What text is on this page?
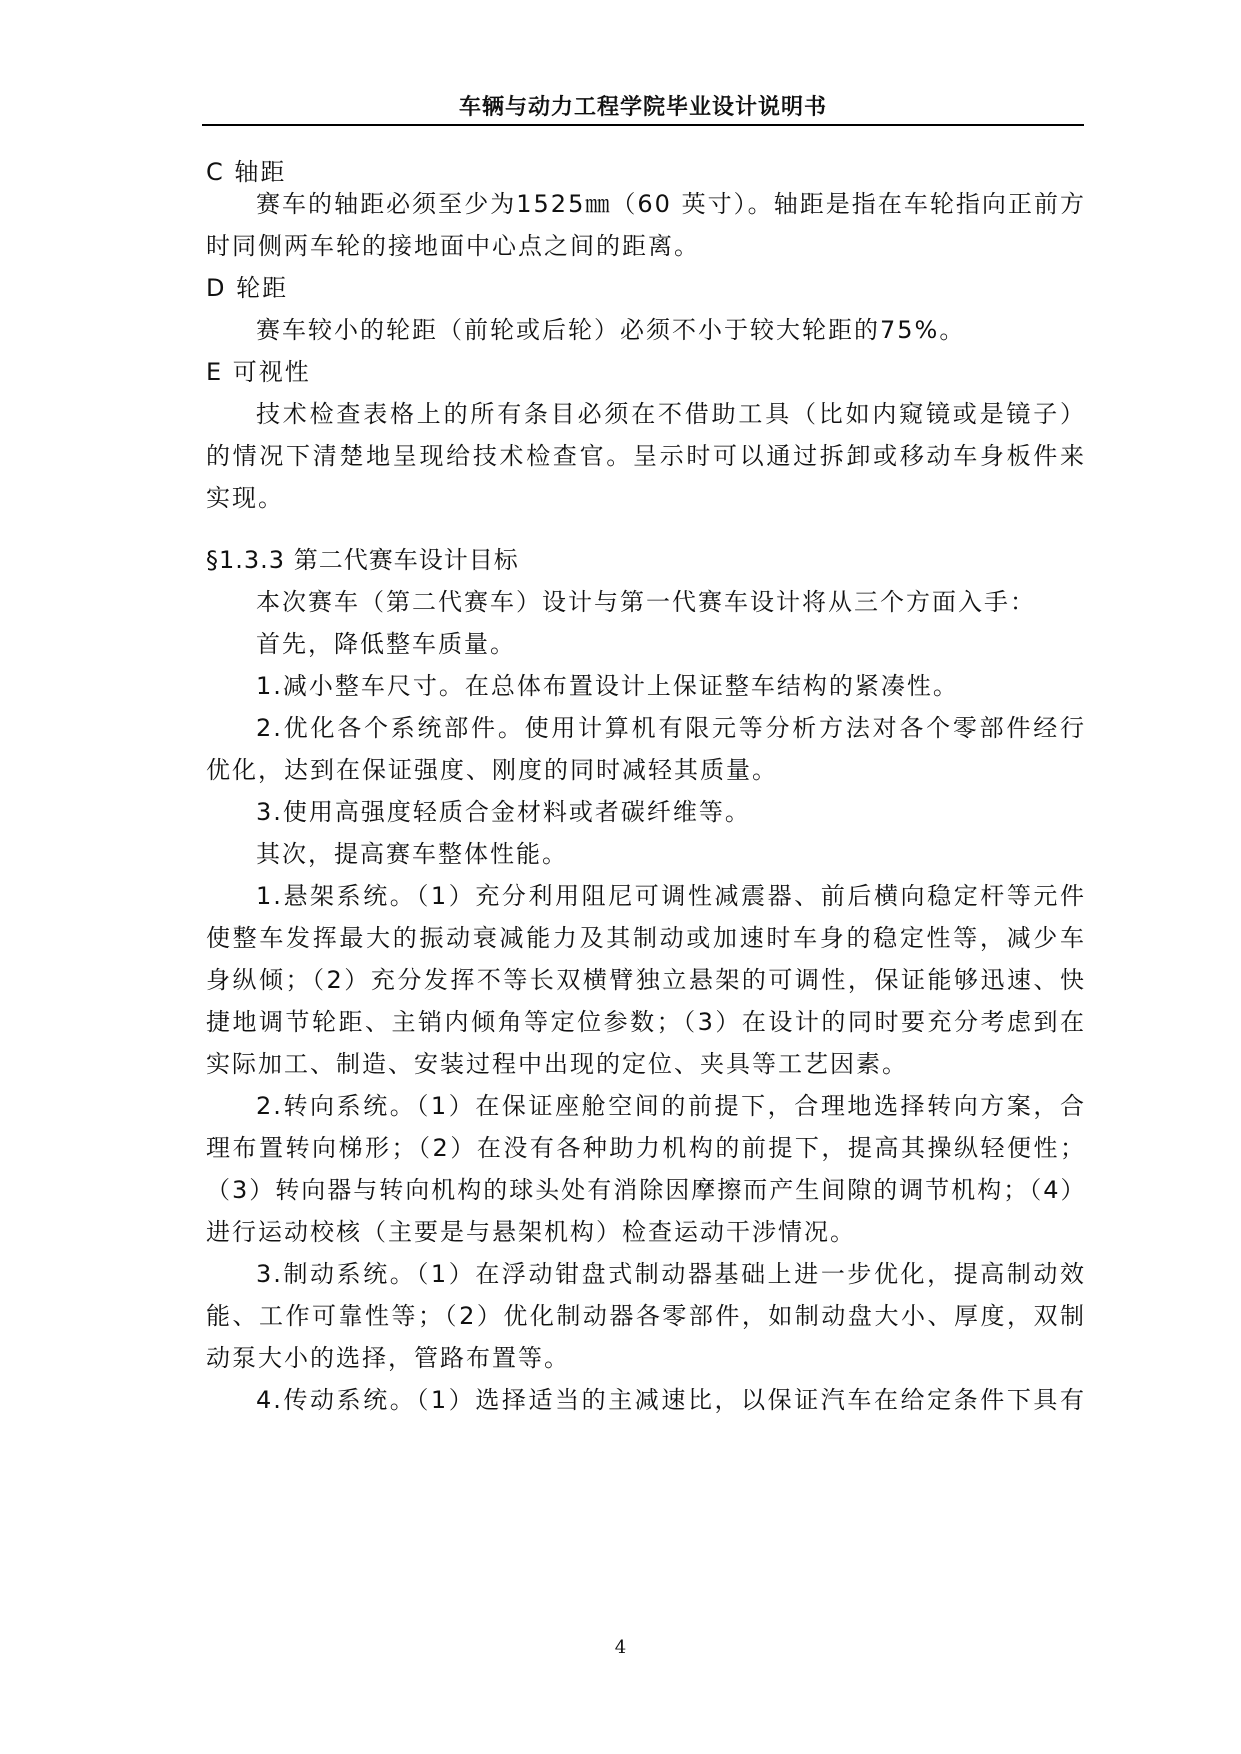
车辆与动力工程学院毕业设计说明书
C 轴距
赛车的轴距必须至少为1525㎜（60 英寸）。轴距是指在车轮指向正前方
时同侧两车轮的接地面中心点之间的距离。
D 轮距
赛车较小的轮距（前轮或后轮）必须不小于较大轮距的75%。
E 可视性
技术检查表格上的所有条目必须在不借助工具（比如内窥镜或是镜子）
的情况下清楚地呈现给技术检查官。呈示时可以通过拆卸或移动车身板件来
实现。
§1.3.3 第二代赛车设计目标
本次赛车（第二代赛车）设计与第一代赛车设计将从三个方面入手：
首先，降低整车质量。
1.减小整车尺寸。在总体布置设计上保证整车结构的紧凑性。
2.优化各个系统部件。使用计算机有限元等分析方法对各个零部件经行
优化，达到在保证强度、刚度的同时减轻其质量。
3.使用高强度轻质合金材料或者碳纤维等。
其次，提高赛车整体性能。
1.悬架系统。（1）充分利用阻尼可调性减震器、前后横向稳定杆等元件
使整车发挥最大的振动衰减能力及其制动或加速时车身的稳定性等，减少车
身纵倾；（2）充分发挥不等长双横臂独立悬架的可调性，保证能够迅速、快
捷地调节轮距、主销内倾角等定位参数；（3）在设计的同时要充分考虑到在
实际加工、制造、安装过程中出现的定位、夹具等工艺因素。
2.转向系统。（1）在保证座舱空间的前提下，合理地选择转向方案，合
理布置转向梯形；（2）在没有各种助力机构的前提下，提高其操纵轻便性；
（3）转向器与转向机构的球头处有消除因摩擦而产生间隙的调节机构；（4）
进行运动校核（主要是与悬架机构）检查运动干涉情况。
3.制动系统。（1）在浮动钳盘式制动器基础上进一步优化，提高制动效
能、工作可靠性等；（2）优化制动器各零部件，如制动盘大小、厚度，双制
动泵大小的选择，管路布置等。
4.传动系统。（1）选择适当的主减速比，以保证汽车在给定条件下具有
4
